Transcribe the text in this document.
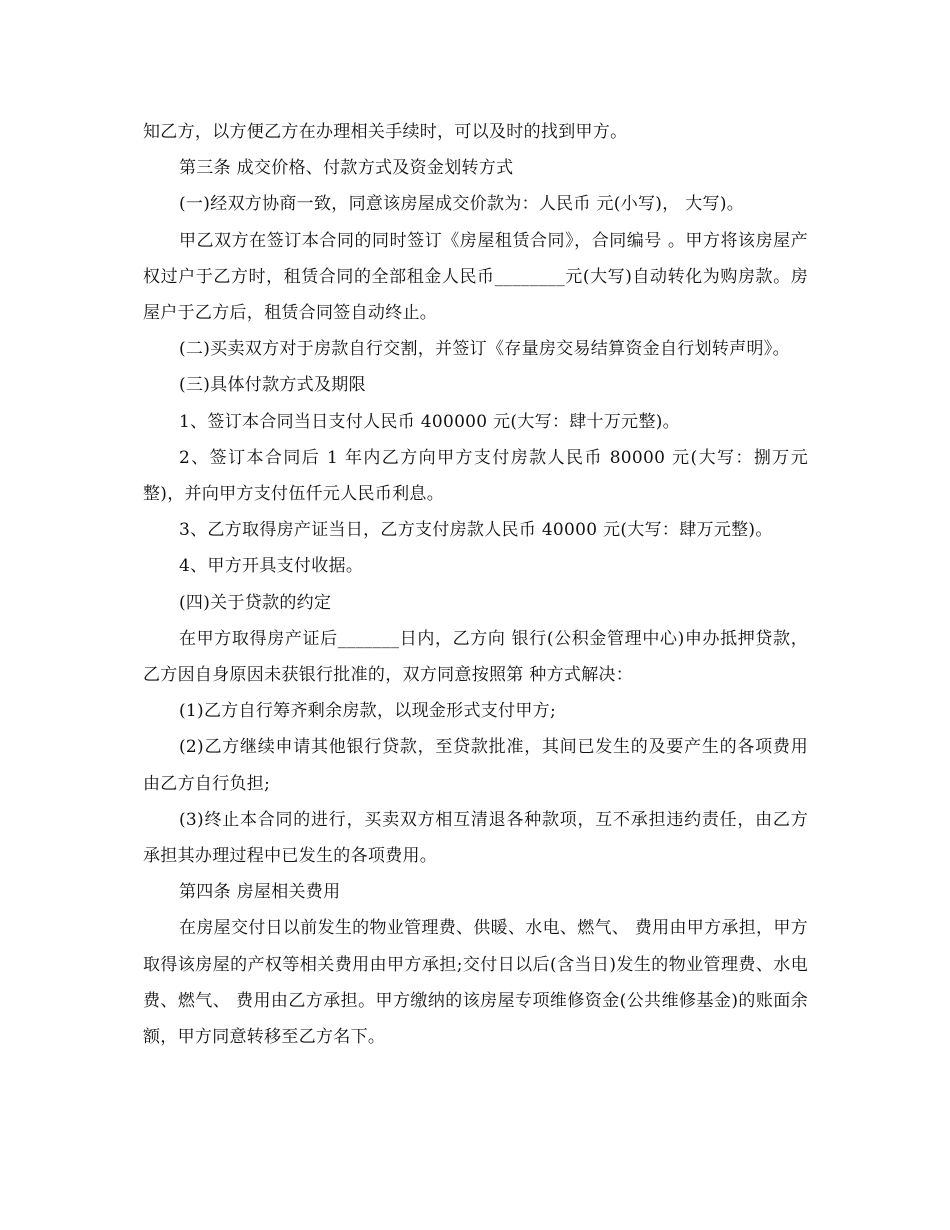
知乙方，以方便乙方在办理相关手续时，可以及时的找到甲方。

第三条 成交价格、付款方式及资金划转方式

(一)经双方协商一致，同意该房屋成交价款为：人民币 元(小写)， 大写)。

甲乙双方在签订本合同的同时签订《房屋租赁合同》，合同编号 。甲方将该房屋产权过户于乙方时，租赁合同的全部租金人民币________元(大写)自动转化为购房款。房屋户于乙方后，租赁合同签自动终止。

(二)买卖双方对于房款自行交割，并签订《存量房交易结算资金自行划转声明》。

(三)具体付款方式及期限

1、签订本合同当日支付人民币 400000 元(大写：肆十万元整)。

2、签订本合同后 1 年内乙方向甲方支付房款人民币 80000 元(大写：捌万元整)，并向甲方支付伍仟元人民币利息。

3、乙方取得房产证当日，乙方支付房款人民币 40000 元(大写：肆万元整)。

4、甲方开具支付收据。

(四)关于贷款的约定

在甲方取得房产证后_______日内，乙方向 银行(公积金管理中心)申办抵押贷款，乙方因自身原因未获银行批准的，双方同意按照第 种方式解决：

(1)乙方自行筹齐剩余房款，以现金形式支付甲方;

(2)乙方继续申请其他银行贷款，至贷款批准，其间已发生的及要产生的各项费用由乙方自行负担;

(3)终止本合同的进行，买卖双方相互清退各种款项，互不承担违约责任，由乙方承担其办理过程中已发生的各项费用。

第四条 房屋相关费用

在房屋交付日以前发生的物业管理费、供暖、水电、燃气、 费用由甲方承担，甲方取得该房屋的产权等相关费用由甲方承担;交付日以后(含当日)发生的物业管理费、水电费、燃气、 费用由乙方承担。甲方缴纳的该房屋专项维修资金(公共维修基金)的账面余额，甲方同意转移至乙方名下。
